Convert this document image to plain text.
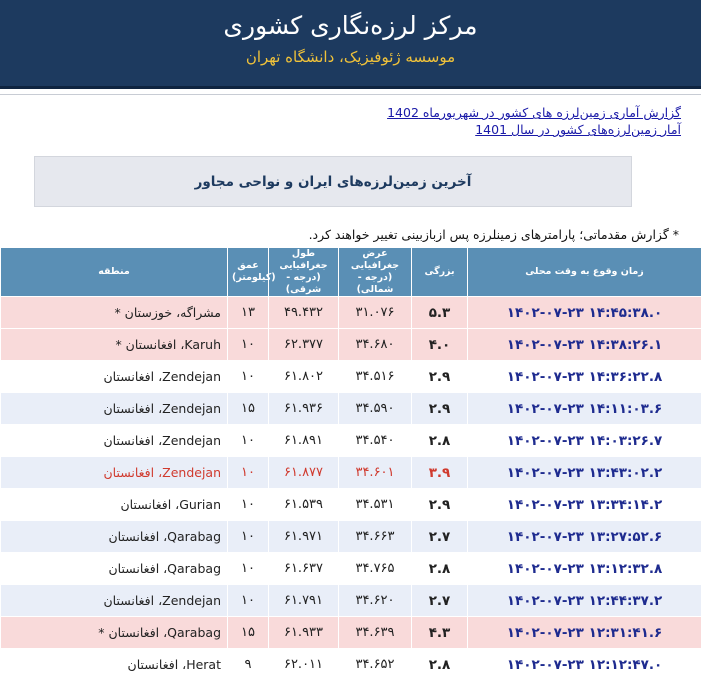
مرکز لرزه‌نگاری کشوری
موسسه ژئوفیزیک، دانشگاه تهران
گزارش آماری زمین‌لرزه های کشور در شهریورماه 1402
آمار زمین‌لرزه‌های کشور در سال 1401
آخرین زمین‌لرزه‌های ایران و نواحی مجاور
* گزارش مقدماتی؛ پارامترهای زمینلرزه پس ازبازبینی تغییر خواهند کرد.
منطقه	عمق (کیلومتر)	طول جغرافیایی (درجه - شرقی)	عرض جغرافیایی (درجه - شمالی)	بزرگی	زمان وقوع به وقت محلی
مشراگه، خوزستان *	۱۳	۴۹.۴۳۲	۳۱.۰۷۶	۵.۳	۱۴۰۲-۰۷-۲۳ ۱۴:۴۵:۳۸.۰
Karuh، افغانستان *	۱۰	۶۲.۳۷۷	۳۴.۶۸۰	۴.۰	۱۴۰۲-۰۷-۲۳ ۱۴:۳۸:۲۶.۱
Zendejan، افغانستان	۱۰	۶۱.۸۰۲	۳۴.۵۱۶	۲.۹	۱۴۰۲-۰۷-۲۳ ۱۴:۳۶:۲۲.۸
Zendejan، افغانستان	۱۵	۶۱.۹۳۶	۳۴.۵۹۰	۲.۹	۱۴۰۲-۰۷-۲۳ ۱۴:۱۱:۰۳.۶
Zendejan، افغانستان	۱۰	۶۱.۸۹۱	۳۴.۵۴۰	۲.۸	۱۴۰۲-۰۷-۲۳ ۱۴:۰۳:۲۶.۷
Zendejan، افغانستان	۱۰	۶۱.۸۷۷	۳۴.۶۰۱	۳.۹	۱۴۰۲-۰۷-۲۳ ۱۳:۴۳:۰۲.۲
Gurian، افغانستان	۱۰	۶۱.۵۳۹	۳۴.۵۳۱	۲.۹	۱۴۰۲-۰۷-۲۳ ۱۳:۳۴:۱۴.۲
Qarabag، افغانستان	۱۰	۶۱.۹۷۱	۳۴.۶۶۳	۲.۷	۱۴۰۲-۰۷-۲۳ ۱۳:۲۷:۵۲.۶
Qarabag، افغانستان	۱۰	۶۱.۶۳۷	۳۴.۷۶۵	۲.۸	۱۴۰۲-۰۷-۲۳ ۱۳:۱۲:۳۲.۸
Zendejan، افغانستان	۱۰	۶۱.۷۹۱	۳۴.۶۲۰	۲.۷	۱۴۰۲-۰۷-۲۳ ۱۲:۴۴:۳۷.۲
Qarabag، افغانستان *	۱۵	۶۱.۹۳۳	۳۴.۶۳۹	۴.۳	۱۴۰۲-۰۷-۲۳ ۱۲:۳۱:۴۱.۶
Herat، افغانستان	۹	۶۲.۰۱۱	۳۴.۶۵۲	۲.۸	۱۴۰۲-۰۷-۲۳ ۱۲:۱۲:۴۷.۰
